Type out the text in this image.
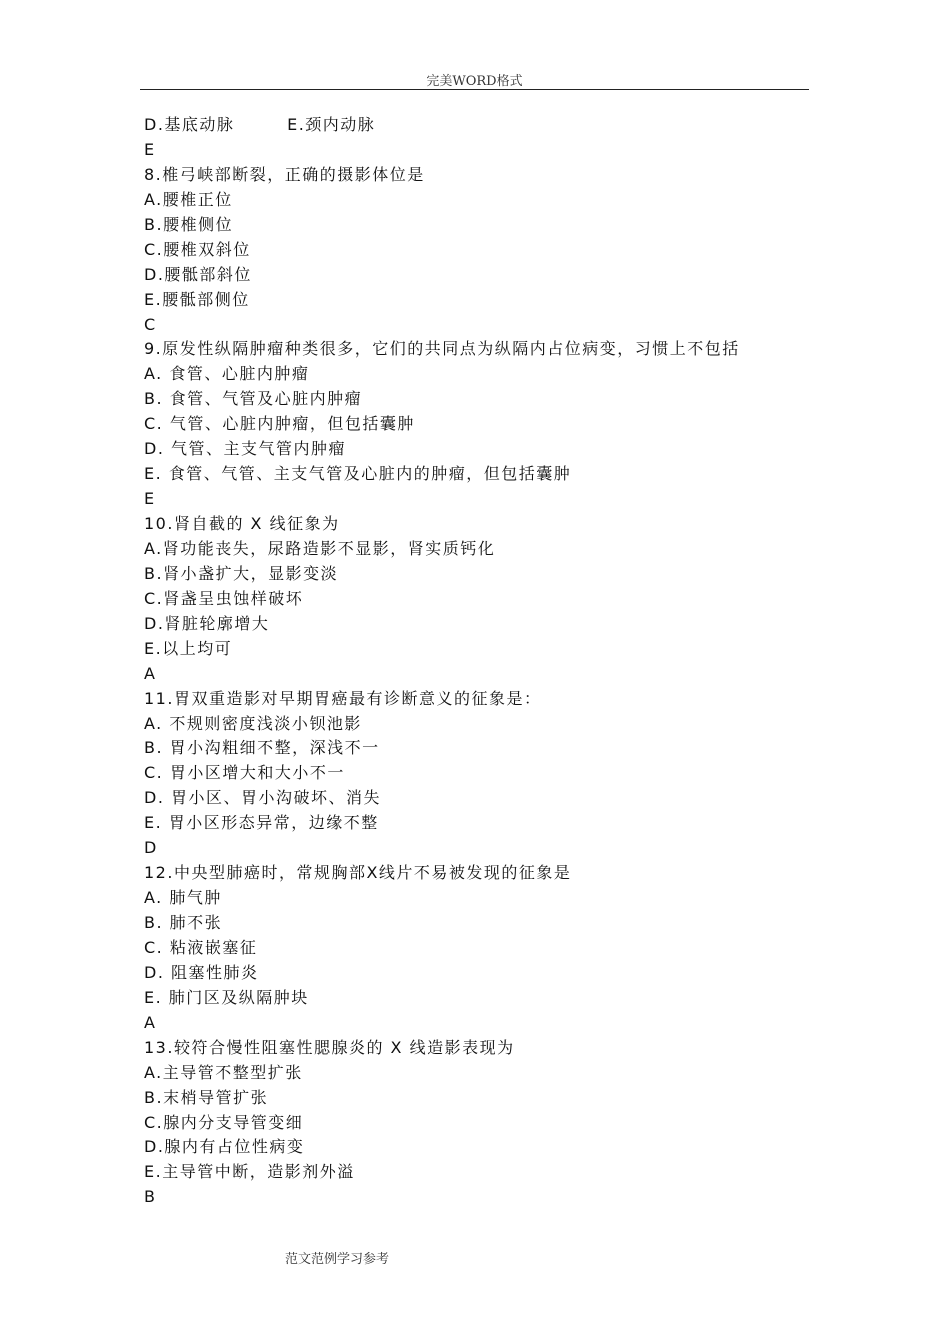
完美WORD格式
D.基底动脉        E.颈内动脉
E
8.椎弓峡部断裂，正确的摄影体位是
A.腰椎正位
B.腰椎侧位
C.腰椎双斜位
D.腰骶部斜位
E.腰骶部侧位
C
9.原发性纵隔肿瘤种类很多，它们的共同点为纵隔内占位病变，习惯上不包括
A. 食管、心脏内肿瘤
B. 食管、气管及心脏内肿瘤
C. 气管、心脏内肿瘤，但包括囊肿
D. 气管、主支气管内肿瘤
E. 食管、气管、主支气管及心脏内的肿瘤，但包括囊肿
E
10.肾自截的 X 线征象为
A.肾功能丧失，尿路造影不显影，肾实质钙化
B.肾小盏扩大，显影变淡
C.肾盏呈虫蚀样破坏
D.肾脏轮廓增大
E.以上均可
A
11.胃双重造影对早期胃癌最有诊断意义的征象是：
A. 不规则密度浅淡小钡池影
B. 胃小沟粗细不整，深浅不一
C. 胃小区增大和大小不一
D. 胃小区、胃小沟破坏、消失
E. 胃小区形态异常，边缘不整
D
12.中央型肺癌时，常规胸部X线片不易被发现的征象是
A. 肺气肿
B. 肺不张
C. 粘液嵌塞征
D. 阻塞性肺炎
E. 肺门区及纵隔肿块
A
13.较符合慢性阻塞性腮腺炎的 X 线造影表现为
A.主导管不整型扩张
B.末梢导管扩张
C.腺内分支导管变细
D.腺内有占位性病变
E.主导管中断，造影剂外溢
B
范文范例学习参考
